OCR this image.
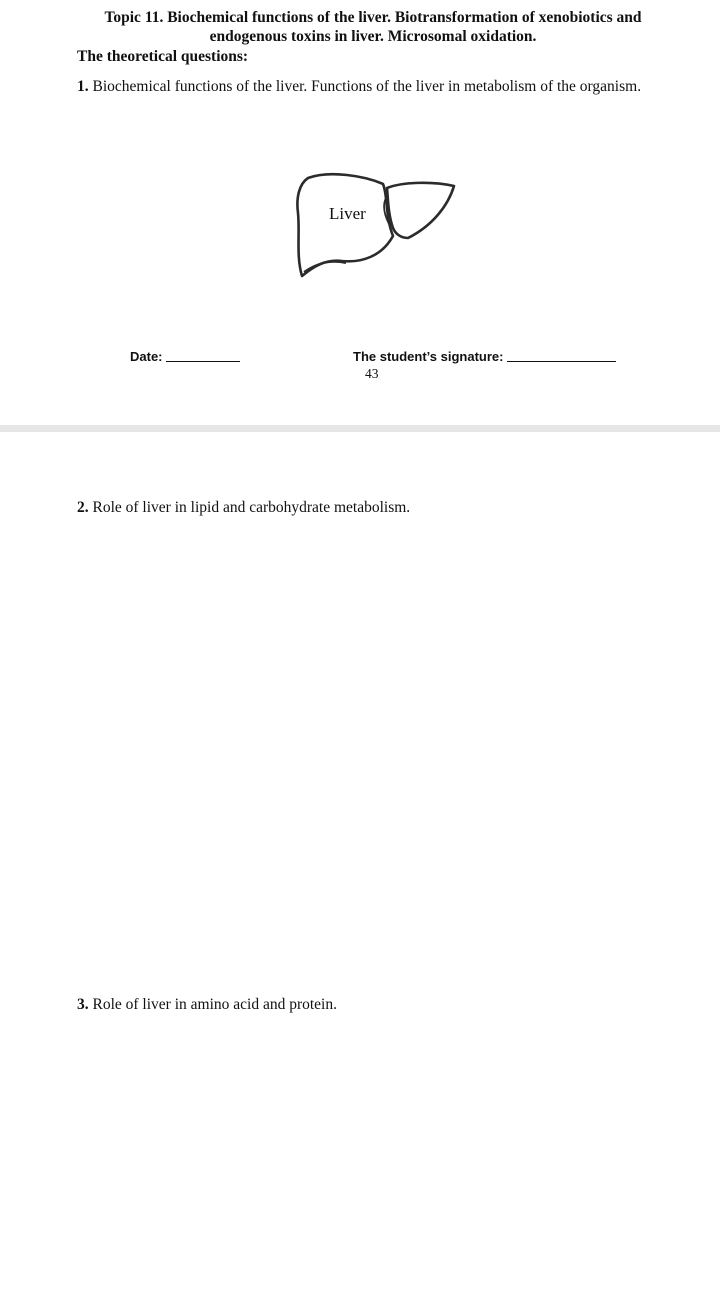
Topic 11. Biochemical functions of the liver. Biotransformation of xenobiotics and endogenous toxins in liver. Microsomal oxidation.
The theoretical questions:
1. Biochemical functions of the liver. Functions of the liver in metabolism of the organism.
Liver
Date:	The student’s signature:
43
2. Role of liver in lipid and carbohydrate metabolism.
3. Role of liver in amino acid and protein.
